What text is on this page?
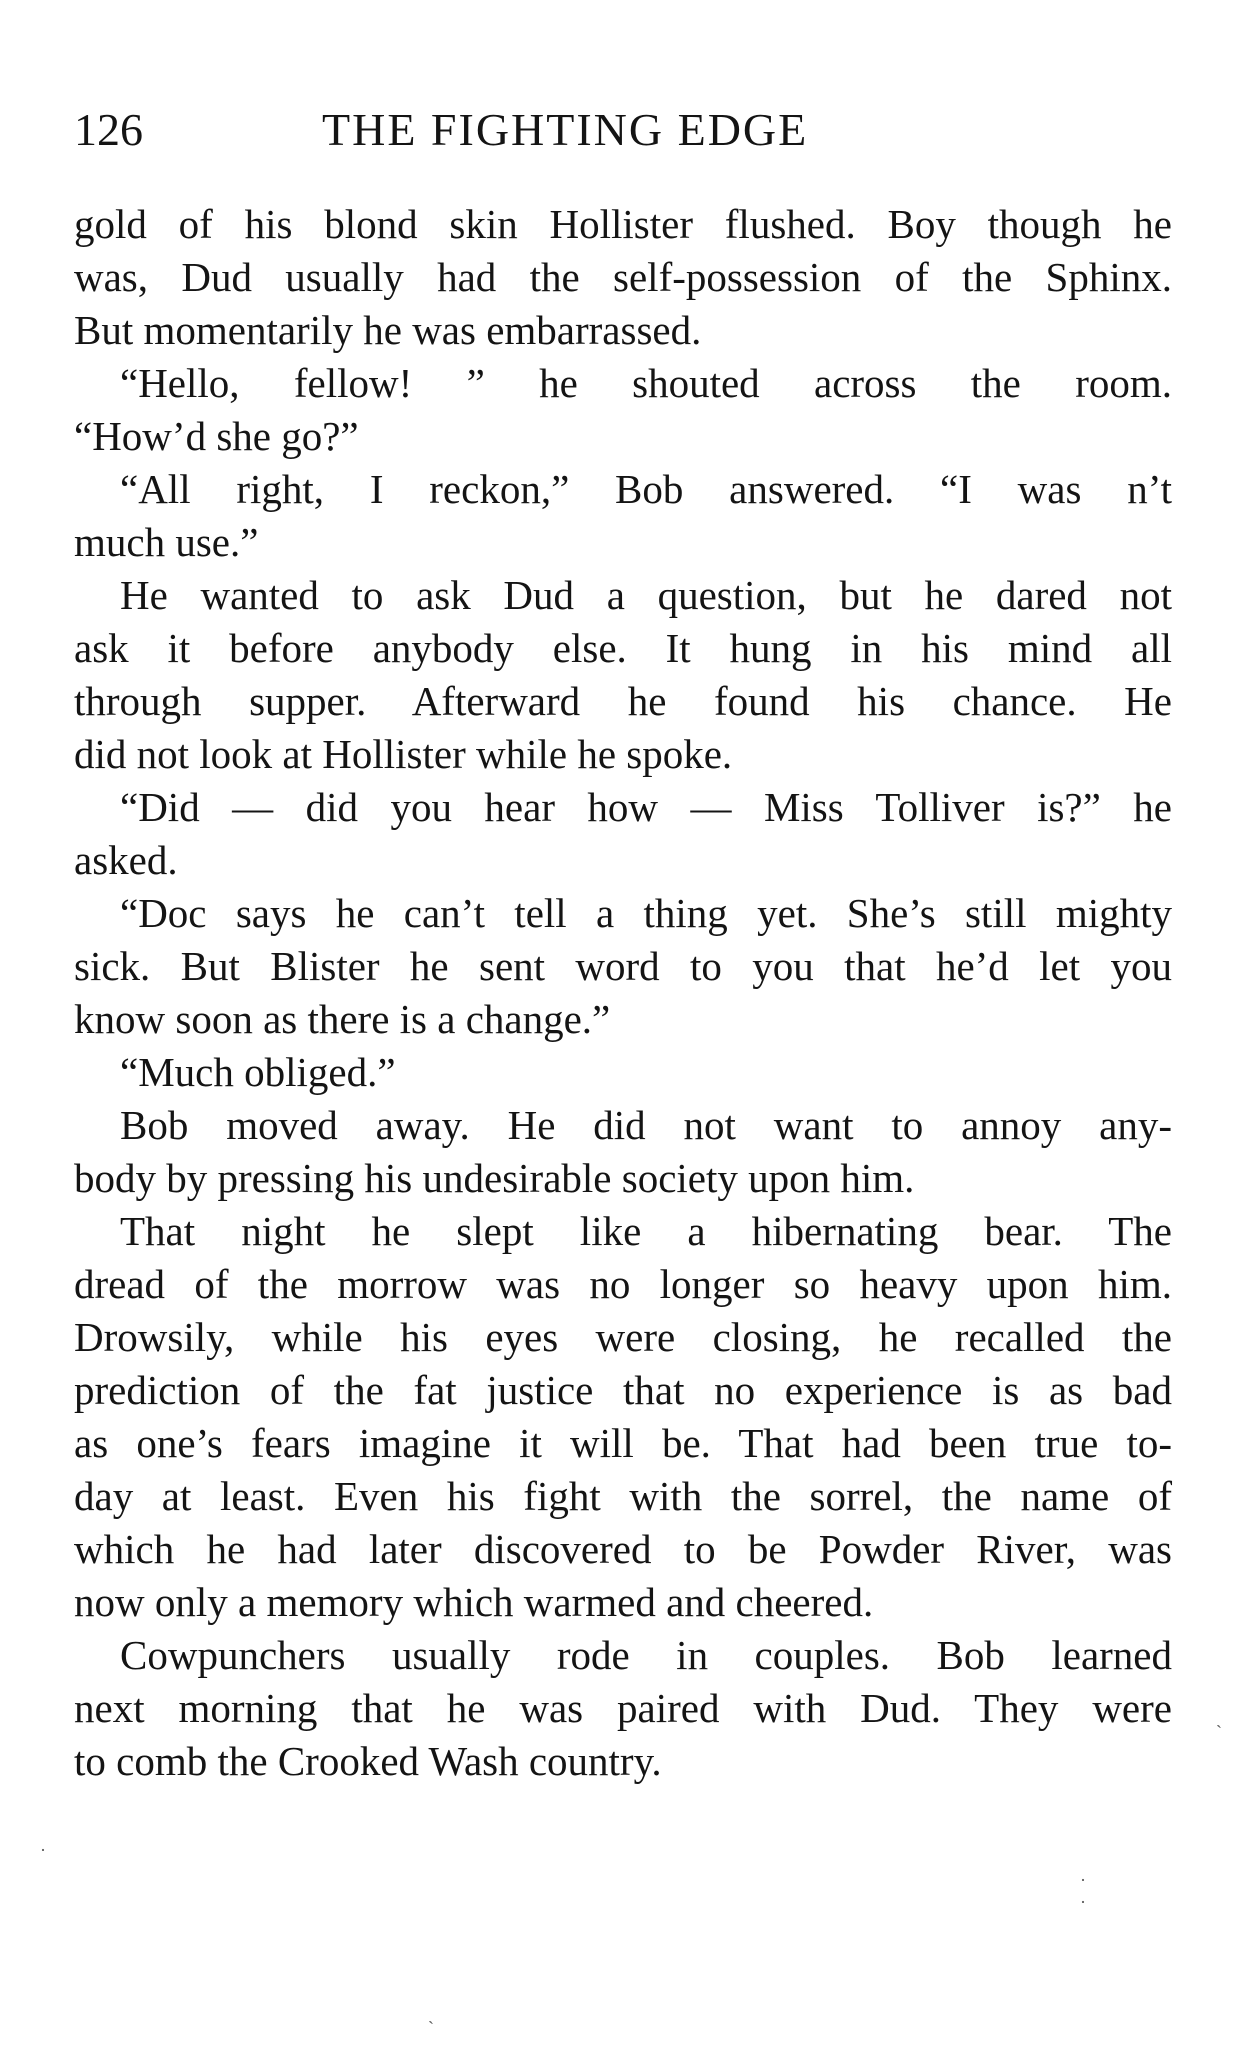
126	THE FIGHTING EDGE
gold of his blond skin Hollister flushed. Boy though he
was, Dud usually had the self-possession of the Sphinx.
But momentarily he was embarrassed.
“Hello, fellow! ” he shouted across the room.
“How’d she go?”
“All right, I reckon,” Bob answered. “I was n’t
much use.”
He wanted to ask Dud a question, but he dared not
ask it before anybody else. It hung in his mind all
through supper. Afterward he found his chance. He
did not look at Hollister while he spoke.
“Did — did you hear how — Miss Tolliver is?” he
asked.
“Doc says he can’t tell a thing yet. She’s still mighty
sick. But Blister he sent word to you that he’d let you
know soon as there is a change.”
“Much obliged.”
Bob moved away. He did not want to annoy any-
body by pressing his undesirable society upon him.
That night he slept like a hibernating bear. The
dread of the morrow was no longer so heavy upon him.
Drowsily, while his eyes were closing, he recalled the
prediction of the fat justice that no experience is as bad
as one’s fears imagine it will be. That had been true to-
day at least. Even his fight with the sorrel, the name of
which he had later discovered to be Powder River, was
now only a memory which warmed and cheered.
Cowpunchers usually rode in couples. Bob learned
next morning that he was paired with Dud. They were
to comb the Crooked Wash country.
ˎ
·
·
ˋ
·
